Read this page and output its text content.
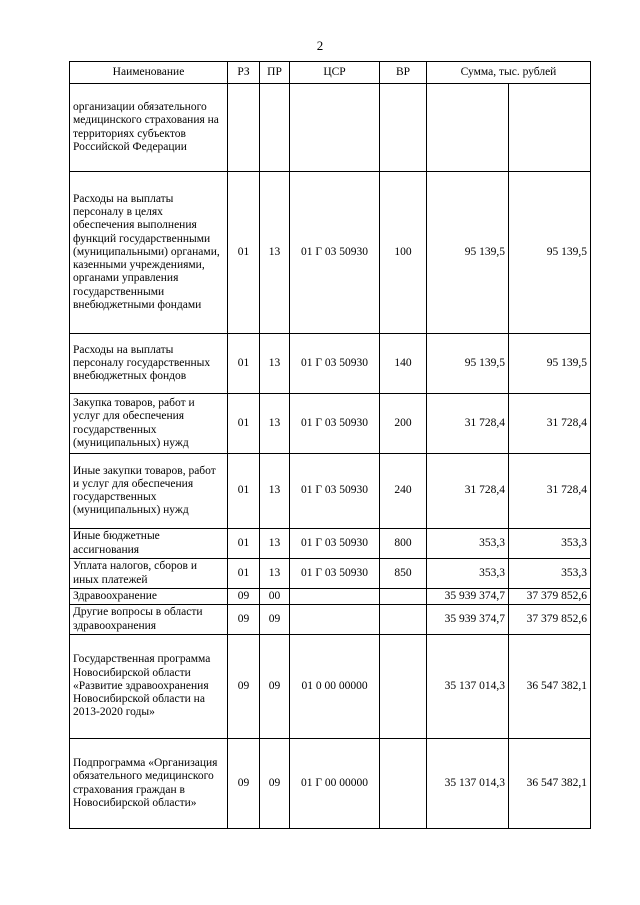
2
Наименование	РЗ	ПР	ЦСР	ВР	Сумма, тыс. рублей	
организации обязательного медицинского страхования на территориях субъектов Российской Федерации						
Расходы на выплаты персоналу в целях обеспечения выполнения функций государственными (муниципальными) органами, казенными учреждениями, органами управления государственными внебюджетными фондами	01	13	01 Г 03 50930	100	95 139,5	95 139,5
Расходы на выплаты персоналу государственных внебюджетных фондов	01	13	01 Г 03 50930	140	95 139,5	95 139,5
Закупка товаров, работ и услуг для обеспечения государственных (муниципальных) нужд	01	13	01 Г 03 50930	200	31 728,4	31 728,4
Иные закупки товаров, работ и услуг для обеспечения государственных (муниципальных) нужд	01	13	01 Г 03 50930	240	31 728,4	31 728,4
Иные бюджетные ассигнования	01	13	01 Г 03 50930	800	353,3	353,3
Уплата налогов, сборов и иных платежей	01	13	01 Г 03 50930	850	353,3	353,3
Здравоохранение	09	00			35 939 374,7	37 379 852,6
Другие вопросы в области здравоохранения	09	09			35 939 374,7	37 379 852,6
Государственная программа Новосибирской области «Развитие здравоохранения Новосибирской области на 2013-2020 годы»	09	09	01 0 00 00000		35 137 014,3	36 547 382,1
Подпрограмма «Организация обязательного медицинского страхования граждан в Новосибирской области»	09	09	01 Г 00 00000		35 137 014,3	36 547 382,1
